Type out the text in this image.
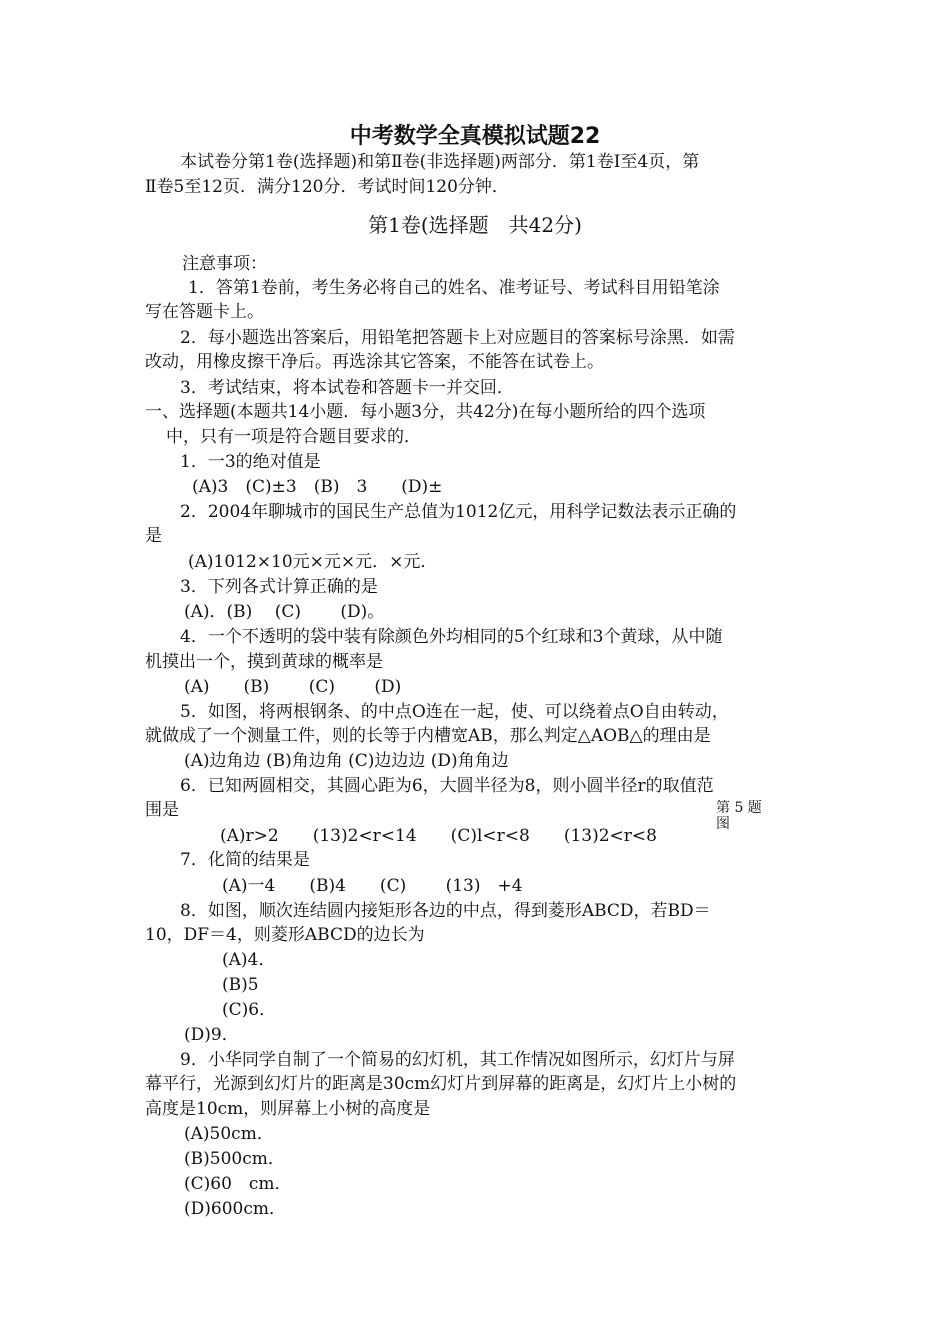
中考数学全真模拟试题22
本试卷分第1卷(选择题)和第Ⅱ卷(非选择题)两部分．第1卷Ⅰ至4页，第
Ⅱ卷5至12页．满分120分．考试时间120分钟．
第1卷(选择题　共42分)
注意事项：
1．答第1卷前，考生务必将自己的姓名、准考证号、考试科目用铅笔涂
写在答题卡上。
2．每小题选出答案后，用铅笔把答题卡上对应题目的答案标号涂黑．如需
改动，用橡皮擦干净后。再选涂其它答案，不能答在试卷上。
3．考试结束，将本试卷和答题卡一并交回．
一、选择题(本题共14小题．每小题3分，共42分)在每小题所给的四个选项
中，只有一项是符合题目要求的．
1．一3的绝对值是
(A)3　(C)±3　(B)　3　　(D)±
2．2004年聊城市的国民生产总值为1012亿元，用科学记数法表示正确的
是
(A)1012×10元×元×元．×元．
3．下列各式计算正确的是
(A)．(B)　 (C)　　 (D)。
4．一个不透明的袋中装有除颜色外均相同的5个红球和3个黄球，从中随
机摸出一个，摸到黄球的概率是
(A)　　(B)　　 (C)　　 (D)
5．如图，将两根钢条、的中点O连在一起，使、可以绕着点O自由转动，
就做成了一个测量工件，则的长等于内槽宽AB，那么判定△AOB△的理由是
(A)边角边 (B)角边角 (C)边边边 (D)角角边
6．已知两圆相交，其圆心距为6，大圆半径为8，则小圆半径r的取值范
围是
(A)r>2　　(13)2<r<14　　(C)l<r<8　　(13)2<r<8
第 5 题
图
7．化简的结果是
(A)一4　　(B)4　　(C)　　 (13)　+4
8．如图，顺次连结圆内接矩形各边的中点，得到菱形ABCD，若BD＝
10，DF＝4，则菱形ABCD的边长为
(A)4．
(B)5
(C)6．
(D)9．
9．小华同学自制了一个简易的幻灯机，其工作情况如图所示，幻灯片与屏
幕平行，光源到幻灯片的距离是30cm幻灯片到屏幕的距离是，幻灯片上小树的
高度是10cm，则屏幕上小树的高度是
(A)50cm．
(B)500cm．
(C)60　cm．
(D)600cm．
